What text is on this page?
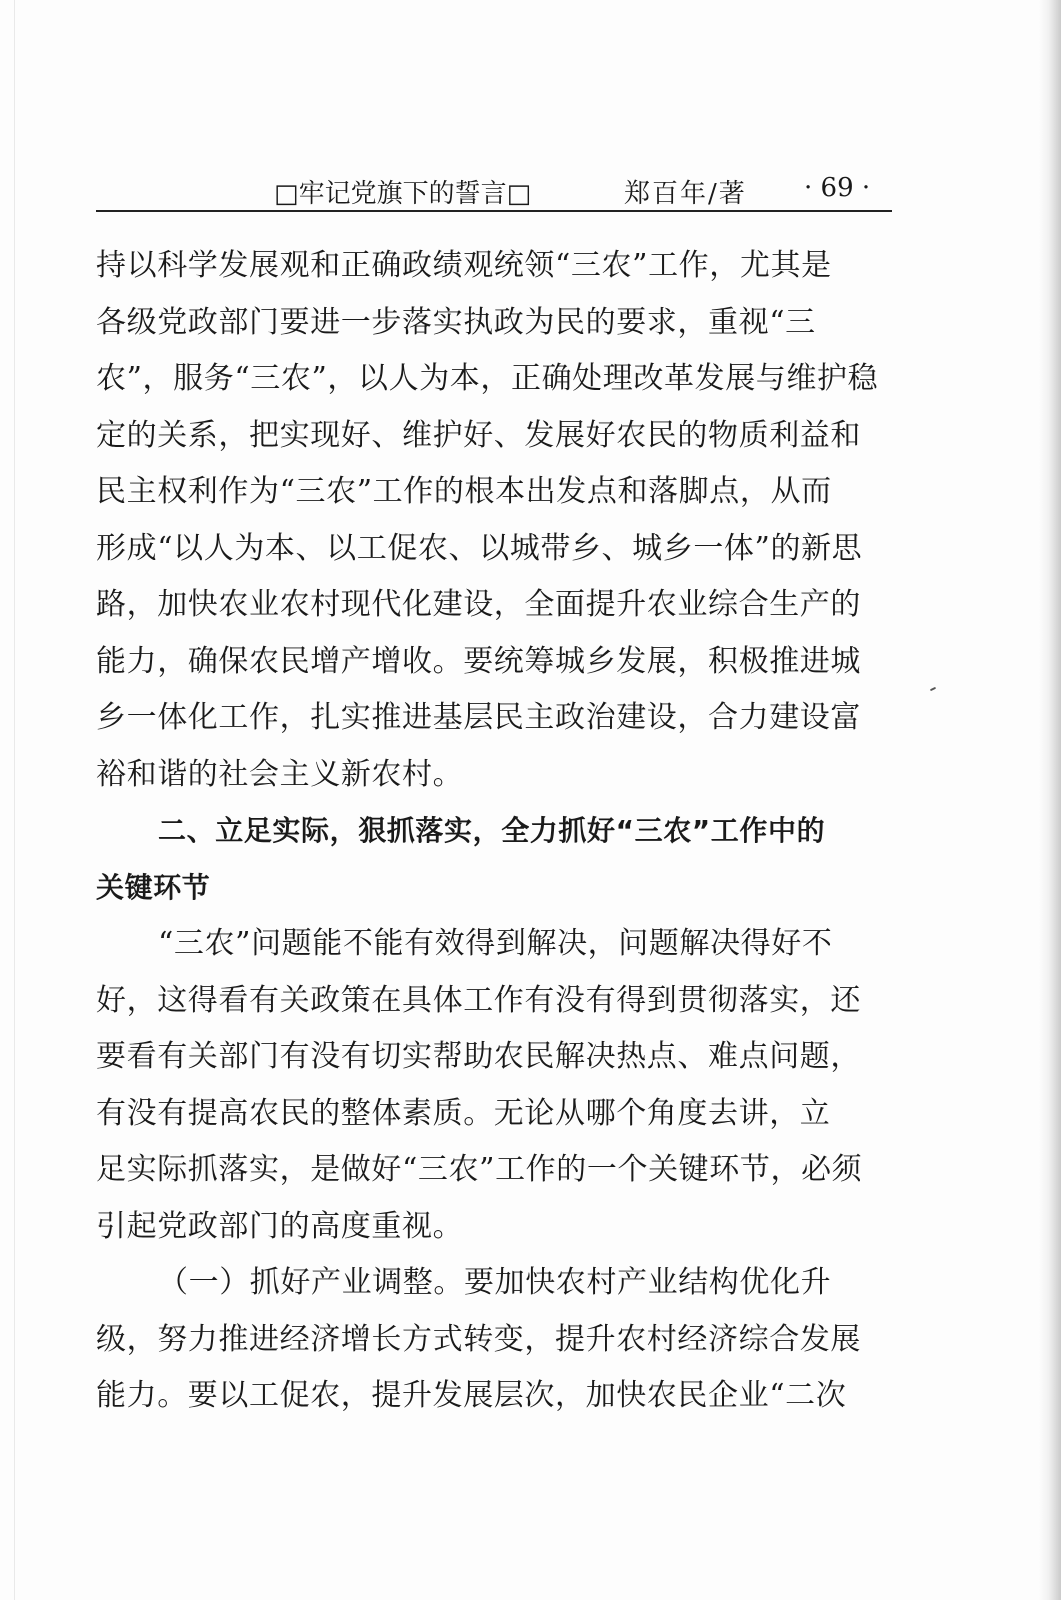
□牢记党旗下的誓言□	郑百年/著 · 69 ·
持以科学发展观和正确政绩观统领“三农”工作，尤其是
各级党政部门要进一步落实执政为民的要求，重视“三
农”，服务“三农”，以人为本，正确处理改革发展与维护稳
定的关系，把实现好、维护好、发展好农民的物质利益和
民主权利作为“三农”工作的根本出发点和落脚点，从而
形成“以人为本、以工促农、以城带乡、城乡一体”的新思
路，加快农业农村现代化建设，全面提升农业综合生产的
能力，确保农民增产增收。要统筹城乡发展，积极推进城
乡一体化工作，扎实推进基层民主政治建设，合力建设富
裕和谐的社会主义新农村。
二、立足实际，狠抓落实，全力抓好“三农”工作中的
关键环节
“三农”问题能不能有效得到解决，问题解决得好不
好，这得看有关政策在具体工作有没有得到贯彻落实，还
要看有关部门有没有切实帮助农民解决热点、难点问题，
有没有提高农民的整体素质。无论从哪个角度去讲，立
足实际抓落实，是做好“三农”工作的一个关键环节，必须
引起党政部门的高度重视。
（一）抓好产业调整。要加快农村产业结构优化升
级，努力推进经济增长方式转变，提升农村经济综合发展
能力。要以工促农，提升发展层次，加快农民企业“二次
